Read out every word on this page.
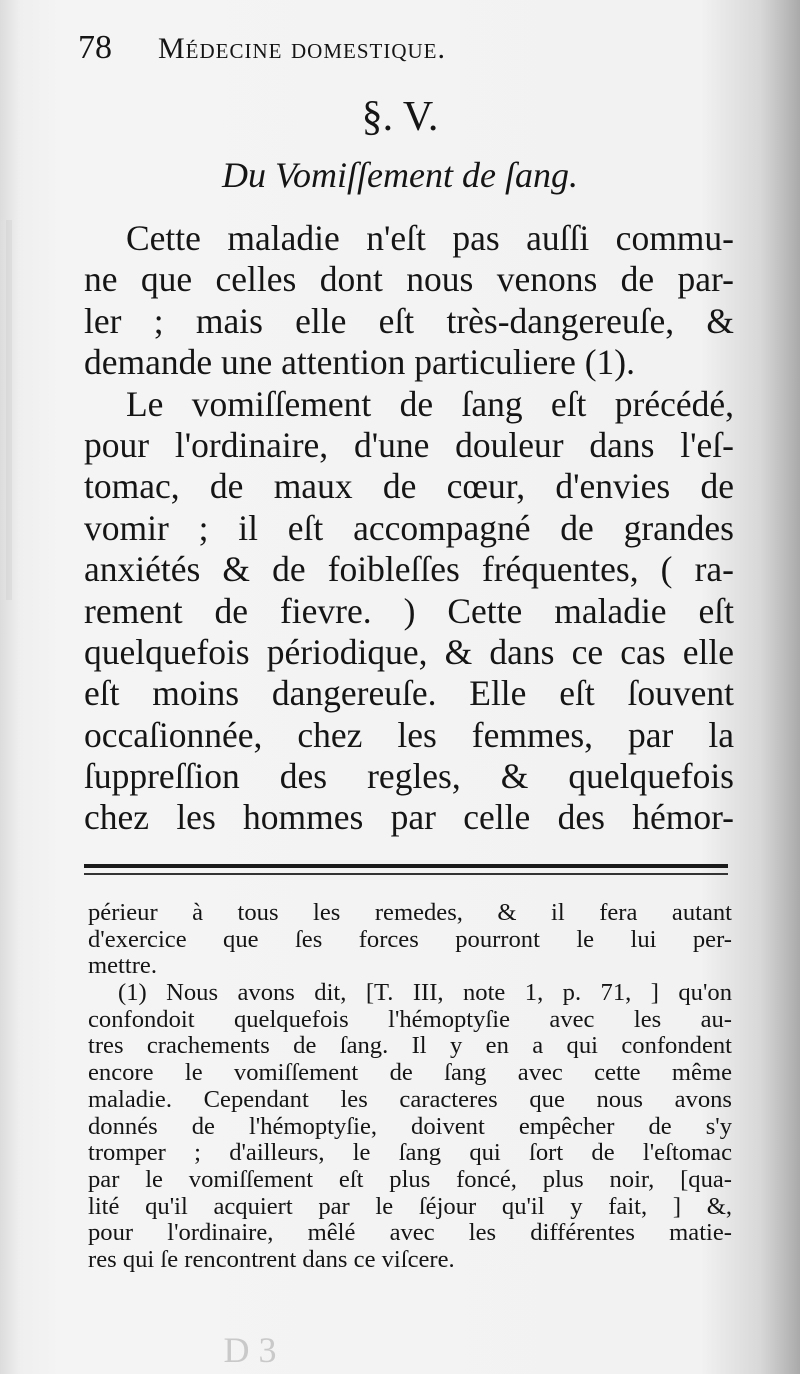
78 Médecine domestique.
§. V.
Du Vomiſſement de ſang.
Cette maladie n'eſt pas auſſi commu-
ne que celles dont nous venons de par-
ler ; mais elle eſt très-dangereuſe, &
demande une attention particuliere (1).
Le vomiſſement de ſang eſt précédé,
pour l'ordinaire, d'une douleur dans l'eſ-
tomac, de maux de cœur, d'envies de
vomir ; il eſt accompagné de grandes
anxiétés & de foibleſſes fréquentes, ( ra-
rement de fievre. ) Cette maladie eſt
quelquefois périodique, & dans ce cas elle
eſt moins dangereuſe. Elle eſt ſouvent
occaſionnée, chez les femmes, par la
ſuppreſſion des regles, & quelquefois
chez les hommes par celle des hémor-
périeur à tous les remedes, & il fera autant
d'exercice que ſes forces pourront le lui per-
mettre.
(1) Nous avons dit, [T. III, note 1, p. 71, ] qu'on
confondoit quelquefois l'hémoptyſie avec les au-
tres crachements de ſang. Il y en a qui confondent
encore le vomiſſement de ſang avec cette même
maladie. Cependant les caracteres que nous avons
donnés de l'hémoptyſie, doivent empêcher de s'y
tromper ; d'ailleurs, le ſang qui ſort de l'eſtomac
par le vomiſſement eſt plus foncé, plus noir, [qua-
lité qu'il acquiert par le ſéjour qu'il y fait, ] &,
pour l'ordinaire, mêlé avec les différentes matie-
res qui ſe rencontrent dans ce viſcere.
D 3
